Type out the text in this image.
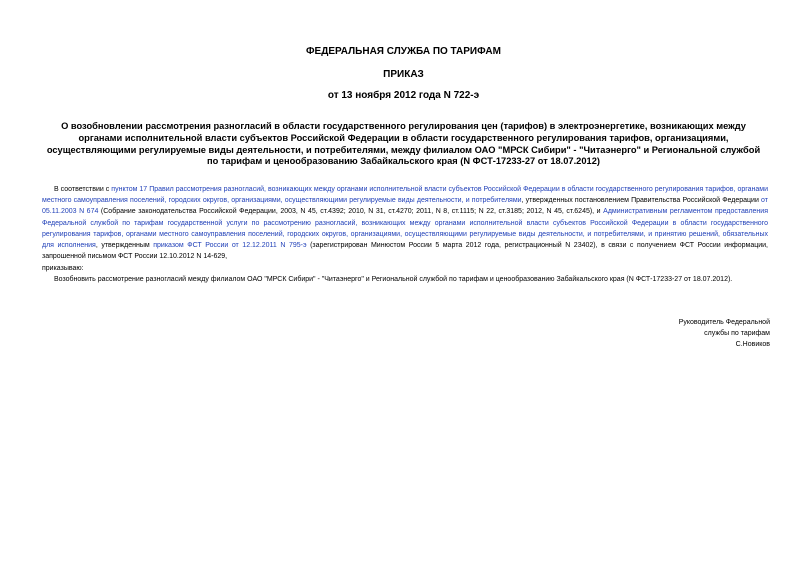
ФЕДЕРАЛЬНАЯ СЛУЖБА ПО ТАРИФАМ
ПРИКАЗ
от 13 ноября 2012 года N 722-э
О возобновлении рассмотрения разногласий в области государственного регулирования цен (тарифов) в электроэнергетике, возникающих между органами исполнительной власти субъектов Российской Федерации в области государственного регулирования тарифов, организациями, осуществляющими регулируемые виды деятельности, и потребителями, между филиалом ОАО "МРСК Сибири" - "Читаэнерго" и Региональной службой по тарифам и ценообразованию Забайкальского края (N ФСТ-17233-27 от 18.07.2012)
В соответствии с пунктом 17 Правил рассмотрения разногласий, возникающих между органами исполнительной власти субъектов Российской Федерации в области государственного регулирования тарифов, органами местного самоуправления поселений, городских округов, организациями, осуществляющими регулируемые виды деятельности, и потребителями, утвержденных постановлением Правительства Российской Федерации от 05.11.2003 N 674 (Собрание законодательства Российской Федерации, 2003, N 45, ст.4392; 2010, N 31, ст.4270; 2011, N 8, ст.1115; N 22, ст.3185; 2012, N 45, ст.6245), и Административным регламентом предоставления Федеральной службой по тарифам государственной услуги по рассмотрению разногласий, возникающих между органами исполнительной власти субъектов Российской Федерации в области государственного регулирования тарифов, органами местного самоуправления поселений, городских округов, организациями, осуществляющими регулируемые виды деятельности, и потребителями, и принятию решений, обязательных для исполнения, утвержденным приказом ФСТ России от 12.12.2011 N 795-э (зарегистрирован Минюстом России 5 марта 2012 года, регистрационный N 23402), в связи с получением ФСТ России информации, запрошенной письмом ФСТ России 12.10.2012 N 14-629,
приказываю:
Возобновить рассмотрение разногласий между филиалом ОАО "МРСК Сибири" - "Читаэнерго" и Региональной службой по тарифам и ценообразованию Забайкальского края (N ФСТ-17233-27 от 18.07.2012).
Руководитель Федеральной
службы по тарифам
С.Новиков
